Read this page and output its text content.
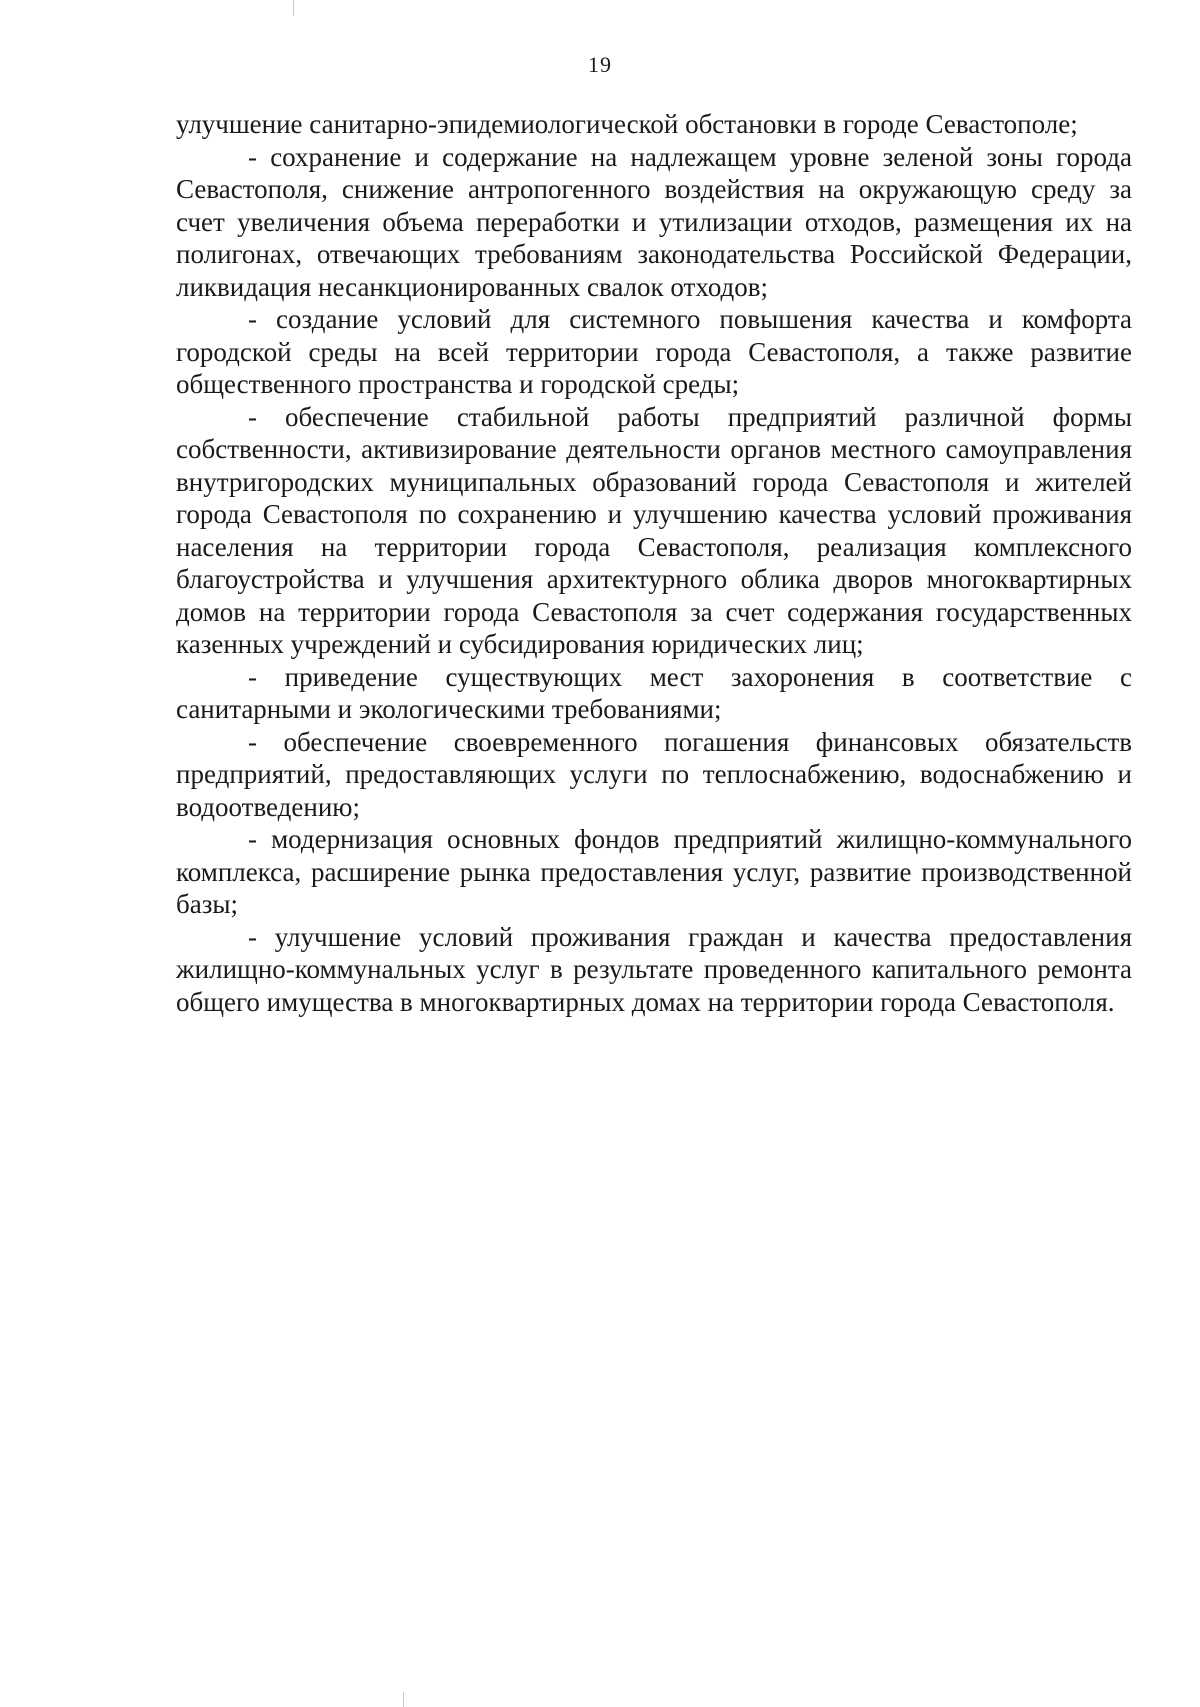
19

улучшение санитарно-эпидемиологической обстановки в городе Севастополе;

- сохранение и содержание на надлежащем уровне зеленой зоны города Севастополя, снижение антропогенного воздействия на окружающую среду за счет увеличения объема переработки и утилизации отходов, размещения их на полигонах, отвечающих требованиям законодательства Российской Федерации, ликвидация несанкционированных свалок отходов;

- создание условий для системного повышения качества и комфорта городской среды на всей территории города Севастополя, а также развитие общественного пространства и городской среды;

- обеспечение стабильной работы предприятий различной формы собственности, активизирование деятельности органов местного самоуправления внутригородских муниципальных образований города Севастополя и жителей города Севастополя по сохранению и улучшению качества условий проживания населения на территории города Севастополя, реализация комплексного благоустройства и улучшения архитектурного облика дворов многоквартирных домов на территории города Севастополя за счет содержания государственных казенных учреждений и субсидирования юридических лиц;

- приведение существующих мест захоронения в соответствие с санитарными и экологическими требованиями;

- обеспечение своевременного погашения финансовых обязательств предприятий, предоставляющих услуги по теплоснабжению, водоснабжению и водоотведению;

- модернизация основных фондов предприятий жилищно-коммунального комплекса, расширение рынка предоставления услуг, развитие производственной базы;

- улучшение условий проживания граждан и качества предоставления жилищно-коммунальных услуг в результате проведенного капитального ремонта общего имущества в многоквартирных домах на территории города Севастополя.
